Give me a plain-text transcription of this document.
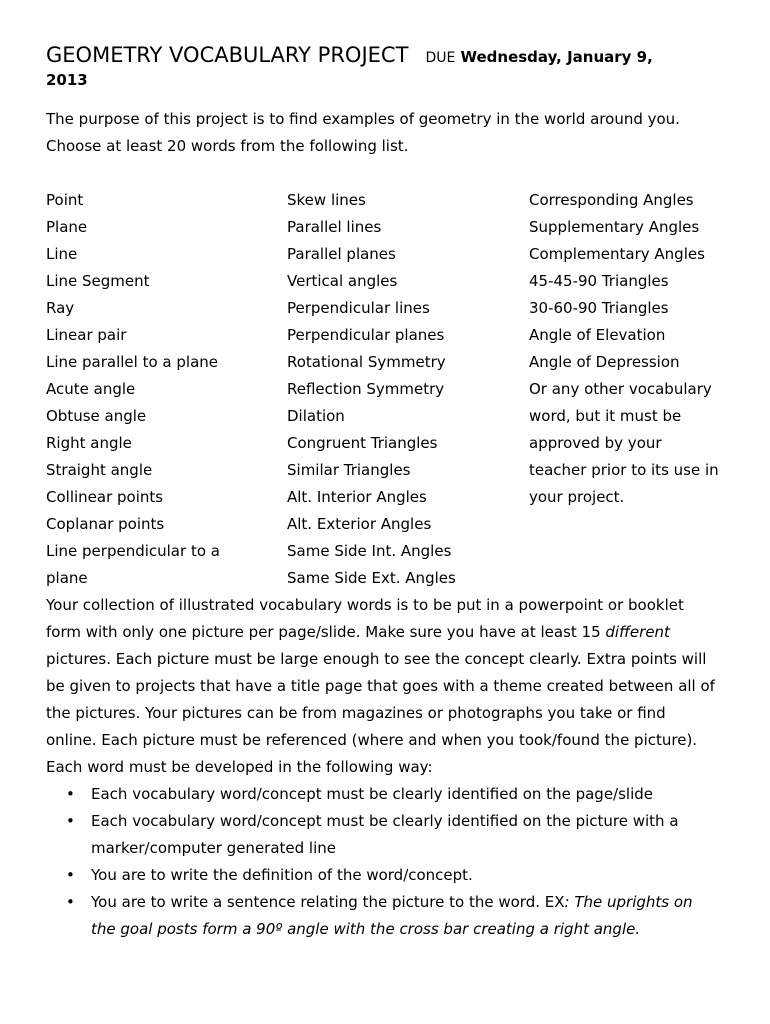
GEOMETRY VOCABULARY PROJECT DUE Wednesday, January 9,
2013

The purpose of this project is to find examples of geometry in the world around you.

Choose at least 20 words from the following list.

Point
Plane
Line
Line Segment
Ray
Linear pair
Line parallel to a plane
Acute angle
Obtuse angle
Right angle
Straight angle
Collinear points
Coplanar points
Line perpendicular to a
plane
Skew lines
Parallel lines
Parallel planes
Vertical angles
Perpendicular lines
Perpendicular planes
Rotational Symmetry
Reflection Symmetry
Dilation
Congruent Triangles
Similar Triangles
Alt. Interior Angles
Alt. Exterior Angles
Same Side Int. Angles
Same Side Ext. Angles
Corresponding Angles
Supplementary Angles
Complementary Angles
45-45-90 Triangles
30-60-90 Triangles
Angle of Elevation
Angle of Depression
Or any other vocabulary
word, but it must be
approved by your
teacher prior to its use in
your project.

Your collection of illustrated vocabulary words is to be put in a powerpoint or booklet

form with only one picture per page/slide. Make sure you have at least 15 different

pictures. Each picture must be large enough to see the concept clearly. Extra points will

be given to projects that have a title page that goes with a theme created between all of

the pictures. Your pictures can be from magazines or photographs you take or find

online. Each picture must be referenced (where and when you took/found the picture).

Each word must be developed in the following way:

• Each vocabulary word/concept must be clearly identified on the page/slide
• Each vocabulary word/concept must be clearly identified on the picture with a
marker/computer generated line
• You are to write the definition of the word/concept.
• You are to write a sentence relating the picture to the word. EX: The uprights on
the goal posts form a 90º angle with the cross bar creating a right angle.
